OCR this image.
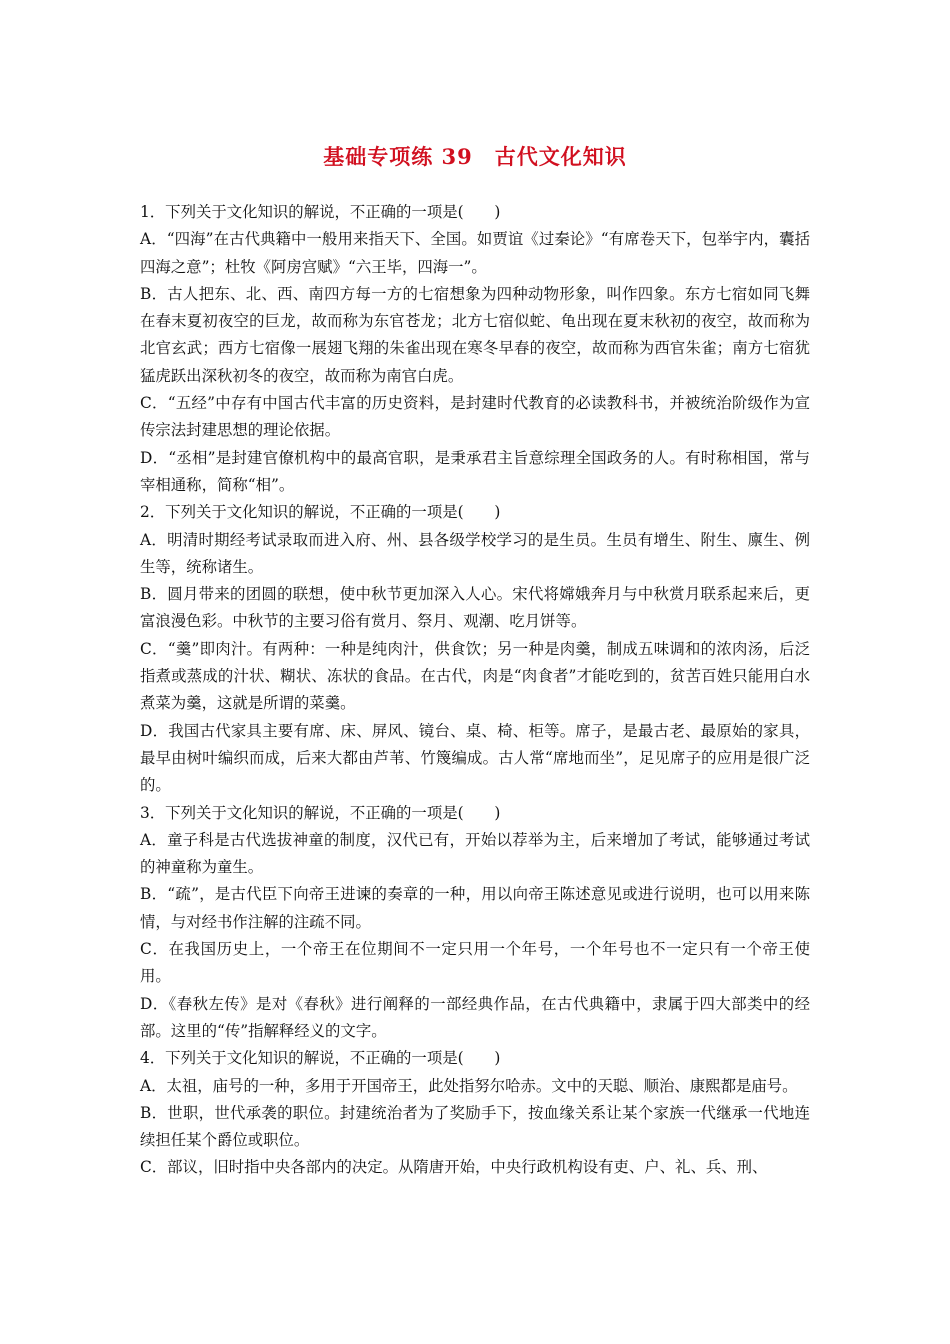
基础专项练 39　古代文化知识

1．下列关于文化知识的解说，不正确的一项是(　　)

A．“四海”在古代典籍中一般用来指天下、全国。如贾谊《过秦论》“有席卷天下，包举宇内，囊括四海之意”；杜牧《阿房宫赋》“六王毕，四海一”。

B．古人把东、北、西、南四方每一方的七宿想象为四种动物形象，叫作四象。东方七宿如同飞舞在春末夏初夜空的巨龙，故而称为东官苍龙；北方七宿似蛇、龟出现在夏末秋初的夜空，故而称为北官玄武；西方七宿像一展翅飞翔的朱雀出现在寒冬早春的夜空，故而称为西官朱雀；南方七宿犹猛虎跃出深秋初冬的夜空，故而称为南官白虎。

C．“五经”中存有中国古代丰富的历史资料，是封建时代教育的必读教科书，并被统治阶级作为宣传宗法封建思想的理论依据。

D．“丞相”是封建官僚机构中的最高官职，是秉承君主旨意综理全国政务的人。有时称相国，常与宰相通称，简称“相”。

2．下列关于文化知识的解说，不正确的一项是(　　)

A．明清时期经考试录取而进入府、州、县各级学校学习的是生员。生员有增生、附生、廪生、例生等，统称诸生。

B．圆月带来的团圆的联想，使中秋节更加深入人心。宋代将嫦娥奔月与中秋赏月联系起来后，更富浪漫色彩。中秋节的主要习俗有赏月、祭月、观潮、吃月饼等。

C．“羹”即肉汁。有两种：一种是纯肉汁，供食饮；另一种是肉羹，制成五味调和的浓肉汤，后泛指煮或蒸成的汁状、糊状、冻状的食品。在古代，肉是“肉食者”才能吃到的，贫苦百姓只能用白水煮菜为羹，这就是所谓的菜羹。

D．我国古代家具主要有席、床、屏风、镜台、桌、椅、柜等。席子，是最古老、最原始的家具，最早由树叶编织而成，后来大都由芦苇、竹篾编成。古人常“席地而坐”，足见席子的应用是很广泛的。

3．下列关于文化知识的解说，不正确的一项是(　　)

A．童子科是古代选拔神童的制度，汉代已有，开始以荐举为主，后来增加了考试，能够通过考试的神童称为童生。

B．“疏”，是古代臣下向帝王进谏的奏章的一种，用以向帝王陈述意见或进行说明，也可以用来陈情，与对经书作注解的注疏不同。

C．在我国历史上，一个帝王在位期间不一定只用一个年号，一个年号也不一定只有一个帝王使用。

D．《春秋左传》是对《春秋》进行阐释的一部经典作品，在古代典籍中，隶属于四大部类中的经部。这里的“传”指解释经义的文字。

4．下列关于文化知识的解说，不正确的一项是(　　)

A．太祖，庙号的一种，多用于开国帝王，此处指努尔哈赤。文中的天聪、顺治、康熙都是庙号。

B．世职，世代承袭的职位。封建统治者为了奖励手下，按血缘关系让某个家族一代继承一代地连续担任某个爵位或职位。

C．部议，旧时指中央各部内的决定。从隋唐开始，中央行政机构设有吏、户、礼、兵、刑、
